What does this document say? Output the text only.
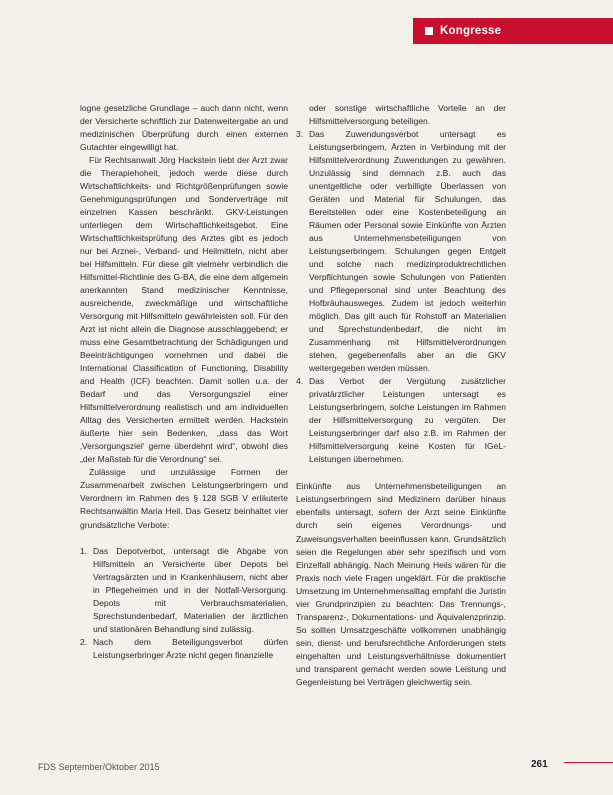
Kongresse

logne gesetzliche Grundlage – auch dann nicht, wenn der Versicherte schriftlich zur Datenweitergabe an und medizinischen Überprüfung durch einen externen Gutachter eingewilligt hat.

Für Rechtsanwalt Jörg Hackstein liebt der Arzt zwar die Therapiehoheit, jedoch werde diese durch Wirtschaftlichkeits- und Richtgrößenprüfungen sowie Genehmigungsprüfungen und Sonderverträge mit einzelnen Kassen beschränkt. GKV-Leistungen unterliegen dem Wirtschaftlichkeitsgebot. Eine Wirtschaftlichkeitsprüfung des Arztes gibt es jedoch nur bei Arznei-, Verband- und Heilmitteln, nicht aber bei Hilfsmitteln. Für diese gilt vielmehr verbindlich die Hilfsmittel-Richtlinie des G-BA, die eine dem allgemein anerkannten Stand medizinischer Kenntnisse, ausreichende, zweckmäßige und wirtschaftliche Versorgung mit Hilfsmitteln gewährleisten soll. Für den Arzt ist nicht allein die Diagnose ausschlaggebend; er muss eine Gesamtbetrachtung der Schädigungen und Beeinträchtigungen vornehmen und dabei die International Classification of Functioning, Disability and Health (ICF) beachten. Damit sollen u.a. der Bedarf und das Versorgungsziel einer Hilfsmittelverordnung realistisch und am individuellen Alltag des Versicherten ermittelt werden. Hackstein äußerte hier sein Bedenken, „dass das Wort ‚Versorgungsziel‘ gerne überdehnt wird“, obwohl dies „der Maßstab für die Verordnung“ sei.

Zulässige und unzulässige Formen der Zusammenarbeit zwischen Leistungserbringern und Verordnern im Rahmen des § 128 SGB V erläuterte Rechtsanwältin Maria Heil. Das Gesetz beinhaltet vier grundsätzliche Verbote:

1. Das Depotverbot, untersagt die Abgabe von Hilfsmitteln an Versicherte über Depots bei Vertragsärzten und in Krankenhäusern, nicht aber in Pflegeheimen und in der Notfall-Versorgung. Depots mit Verbrauchsmaterialien, Sprechstundenbedarf, Materialien der ärztlichen und stationären Behandlung sind zulässig.
2. Nach dem Beteiligungsverbot dürfen Leistungserbringer Ärzte nicht gegen finanzielle

oder sonstige wirtschaftliche Vorteile an der Hilfsmittelversorgung beteiligen.

3. Das Zuwendungsverbot untersagt es Leistungserbringern, Ärzten in Verbindung mit der Hilfsmittelverordnung Zuwendungen zu gewähren. Unzulässig sind demnach z.B. auch das unentgeltliche oder verbilligte Überlassen von Geräten und Material für Schulungen, das Bereitstellen oder eine Kostenbeteiligung an Räumen oder Personal sowie Einkünfte von Ärzten aus Unternehmensbeteiligungen von Leistungserbringern. Schulungen gegen Entgelt und solche nach medizinproduktrechtlichen Verpflichtungen sowie Schulungen von Patienten und Pflegepersonal sind unter Beachtung des Hofbräuhausweges. Zudem ist jedoch weiterhin möglich. Das gilt auch für Rohstoff an Materialien und Sprechstundenbedarf, die nicht im Zusammenhang mit Hilfsmittelverordnungen stehen, gegebenenfalls aber an die GKV weitergegeben werden müssen.
4. Das Verbot der Vergütung zusätzlicher privatärztlicher Leistungen untersagt es Leistungserbringern, solche Leistungen im Rahmen der Hilfsmittelversorgung zu vergüten. Der Leistungserbringer darf also z.B. im Rahmen der Hilfsmittelversorgung keine Kosten für IGeL-Leistungen übernehmen.

Einkünfte aus Unternehmensbeteiligungen an Leistungserbringern sind Medizinern darüber hinaus ebenfalls untersagt, sofern der Arzt seine Einkünfte durch sein eigenes Verordnungs- und Zuweisungsverhalten beeinflussen kann. Grundsätzlich seien die Regelungen aber sehr spezifisch und vom Einzelfall abhängig. Nach Meinung Heils wären für die Praxis noch viele Fragen ungeklärt. Für die praktische Umsetzung im Unternehmensalltag empfahl die Juristin vier Grundprinzipien zu beachten: Das Trennungs-, Transparenz-, Dokumentations- und Äquivalenzprinzip. So sollten Umsatzgeschäfte vollkommen unabhängig sein, dienst- und berufsrechtliche Anforderungen stets eingehalten und Leistungsverhältnisse dokumentiert und transparent gemacht werden sowie Leistung und Gegenleistung bei Verträgen gleichwertig sein.

FDS September/Oktober 2015	261
